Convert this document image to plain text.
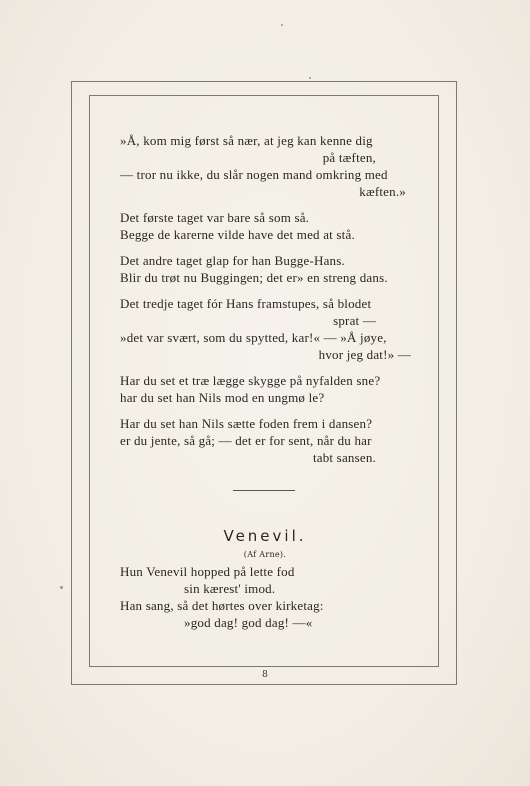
»Å, kom mig først så nær, at jeg kan kenne dig
på tæften,
— tror nu ikke, du slår nogen mand omkring med
kæften.»
Det første taget var bare så som så.
Begge de karerne vilde have det med at stå.
Det andre taget glap for han Bugge-Hans.
Blir du trøt nu Buggingen; det er» en streng dans.
Det tredje taget fór Hans framstupes, så blodet
sprat —
»det var svært, som du spytted, kar!« — »Å jøye,
hvor jeg dat!» —
Har du set et træ lægge skygge på nyfalden sne?
har du set han Nils mod en ungmø le?
Har du set han Nils sætte foden frem i dansen?
er du jente, så gå; — det er for sent, når du har
tabt sansen.
Venevil.
(Af Arne).
Hun Venevil hopped på lette fod
sin kærest' imod.
Han sang, så det hørtes over kirketag:
»god dag! god dag! —«
8
